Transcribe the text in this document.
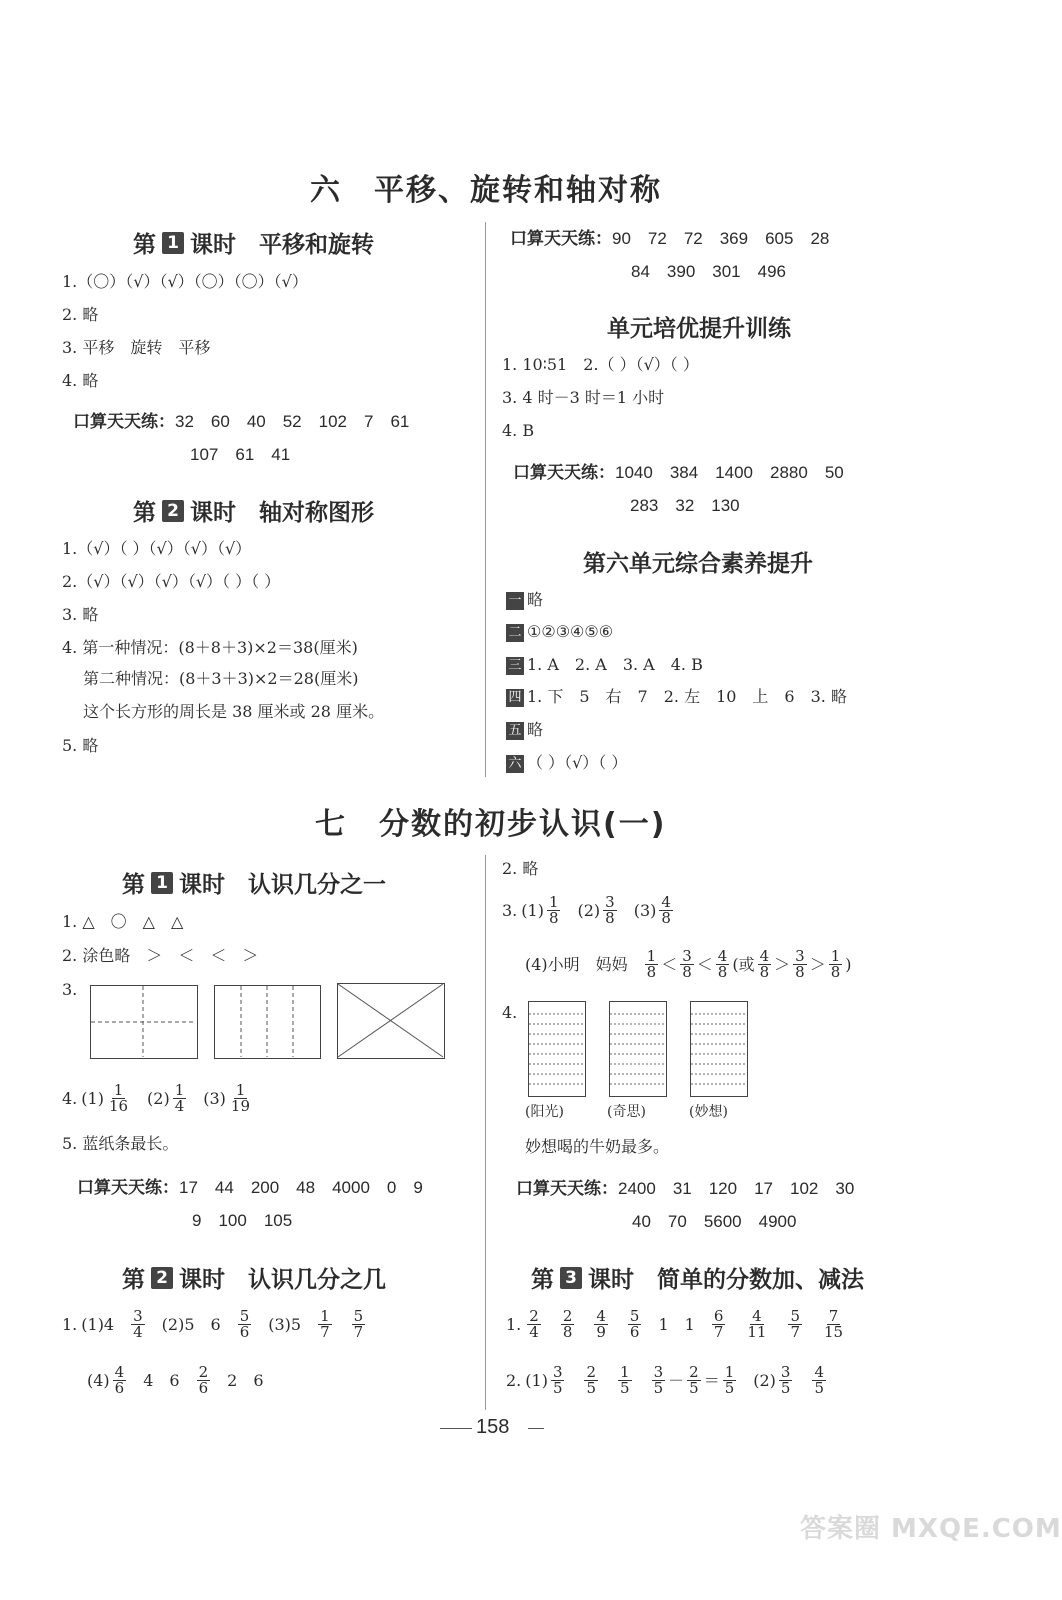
六　平移、旋转和轴对称
第 1 课时　平移和旋转
1.（〇）（√）（√）（〇）（〇）（√）
2. 略
3. 平移　旋转　平移
4. 略
口算天天练：32　60　40　52　102　7　61
107　61　41
第 2 课时　轴对称图形
1.（√）（ ）（√）（√）（√）
2.（√）（√）（√）（√）（ ）（ ）
3. 略
4. 第一种情况：(8＋8＋3)×2＝38(厘米)
第二种情况：(8＋3＋3)×2＝28(厘米)
这个长方形的周长是 38 厘米或 28 厘米。
5. 略
口算天天练：90　72　72　369　605　28
84　390　301　496
单元培优提升训练
1. 10∶51　2.（ ）（√）（ ）
3. 4 时－3 时＝1 小时
4. B
口算天天练：1040　384　1400　2880　50
283　32　130
第六单元综合素养提升
一 略
二 ①②③④⑤⑥
三 1. A　2. A　3. A　4. B
四 1. 下　5　右　7　2. 左　10　上　6　3. 略
五 略
六 （ ）（√）（ ）
七　分数的初步认识(一)
第 1 课时　认识几分之一
1. △　〇　△　△
2. 涂色略　＞　＜　＜　＞
3.
4. $(1) \frac{1}{16} (2) \frac{1}{4} (3) \frac{1}{19}$
5. 蓝纸条最长。
口算天天练：17　44　200　48　4000　0　9
9　100　105
第 2 课时　认识几分之几
1. $(1)4 \frac{3}{4} (2)5$　$6 \frac{5}{6} (3)5 \frac{1}{7} \frac{5}{7}$
$(4) \frac{4}{6} 4$　$6 \frac{2}{6} 2$　6
2. 略
3. $(1) \frac{1}{8} (2) \frac{3}{8} (3) \frac{4}{8}$
(4)小明　妈妈 $\frac{1}{8} < \frac{3}{8} < \frac{4}{8}$ (或 $\frac{4}{8} > \frac{3}{8} > \frac{1}{8}$ )
4.
(阳光)	(奇思)	(妙想)
妙想喝的牛奶最多。
口算天天练：2400　31　120　17　102　30
40　70　5600　4900
第 3 课时　简单的分数加、减法
1. $\frac{2}{4} \frac{2}{8} \frac{4}{9} \frac{5}{6} 1$　$1 \frac{6}{7} \frac{4}{11} \frac{5}{7} \frac{7}{15}$
2. $(1) \frac{3}{5} \frac{2}{5} \frac{1}{5} \frac{3}{5} - \frac{2}{5} = \frac{1}{5} (2) \frac{3}{5} \frac{4}{5}$
158
答案圈 MXQE.COM
